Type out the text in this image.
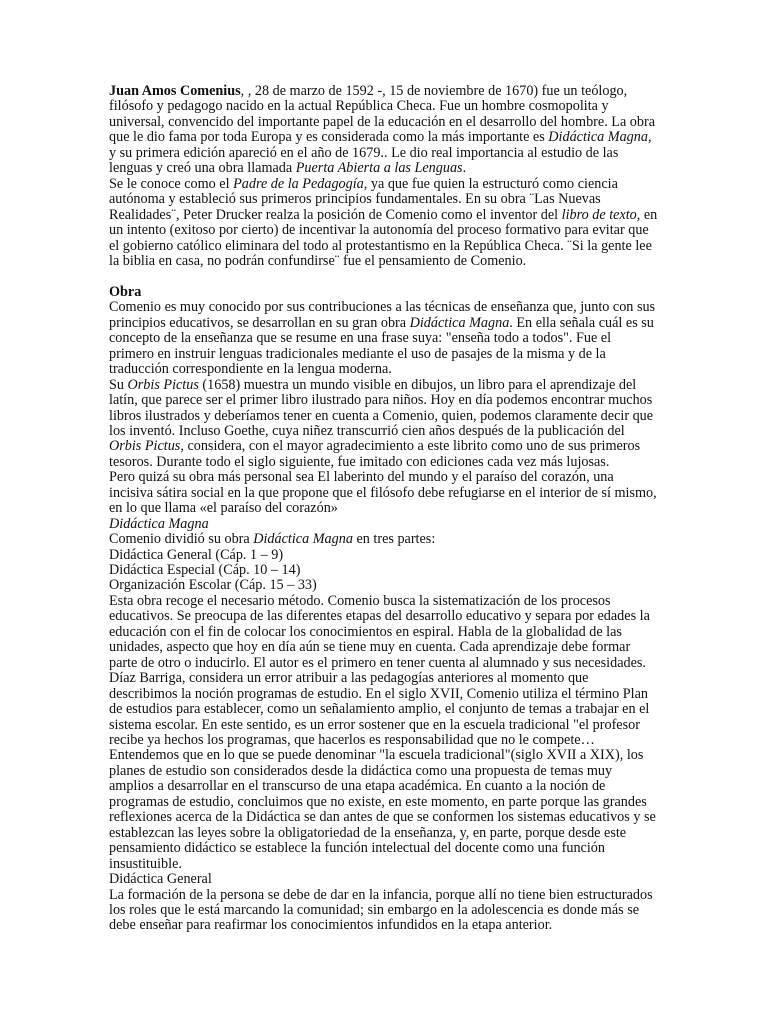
Juan Amos Comenius, , 28 de marzo de 1592 -, 15 de noviembre de 1670) fue un teólogo, filósofo y pedagogo nacido en la actual República Checa. Fue un hombre cosmopolita y universal, convencido del importante papel de la educación en el desarrollo del hombre. La obra que le dio fama por toda Europa y es considerada como la más importante es Didáctica Magna, y su primera edición apareció en el año de 1679.. Le dio real importancia al estudio de las lenguas y creó una obra llamada Puerta Abierta a las Lenguas.

Se le conoce como el Padre de la Pedagogía, ya que fue quien la estructuró como ciencia autónoma y estableció sus primeros principios fundamentales. En su obra ¨Las Nuevas Realidades¨, Peter Drucker realza la posición de Comenio como el inventor del libro de texto, en un intento (exitoso por cierto) de incentivar la autonomía del proceso formativo para evitar que el gobierno católico eliminara del todo al protestantismo en la República Checa. ¨Si la gente lee la biblia en casa, no podrán confundirse¨ fue el pensamiento de Comenio.

Obra

Comenio es muy conocido por sus contribuciones a las técnicas de enseñanza que, junto con sus principios educativos, se desarrollan en su gran obra Didáctica Magna. En ella señala cuál es su concepto de la enseñanza que se resume en una frase suya: "enseña todo a todos". Fue el primero en instruir lenguas tradicionales mediante el uso de pasajes de la misma y de la traducción correspondiente en la lengua moderna.

Su Orbis Pictus (1658) muestra un mundo visible en dibujos, un libro para el aprendizaje del latín, que parece ser el primer libro ilustrado para niños. Hoy en día podemos encontrar muchos libros ilustrados y deberíamos tener en cuenta a Comenio, quien, podemos claramente decir que los inventó. Incluso Goethe, cuya niñez transcurrió cien años después de la publicación del Orbis Pictus, considera, con el mayor agradecimiento a este librito como uno de sus primeros tesoros. Durante todo el siglo siguiente, fue imitado con ediciones cada vez más lujosas.

Pero quizá su obra más personal sea El laberinto del mundo y el paraíso del corazón, una incisiva sátira social en la que propone que el filósofo debe refugiarse en el interior de sí mismo, en lo que llama «el paraíso del corazón»

Didáctica Magna

Comenio dividió su obra Didáctica Magna en tres partes:

Didáctica General (Cáp. 1 – 9)

Didáctica Especial (Cáp. 10 – 14)

Organización Escolar (Cáp. 15 – 33)

Esta obra recoge el necesario método. Comenio busca la sistematización de los procesos educativos. Se preocupa de las diferentes etapas del desarrollo educativo y separa por edades la educación con el fin de colocar los conocimientos en espiral. Habla de la globalidad de las unidades, aspecto que hoy en día aún se tiene muy en cuenta. Cada aprendizaje debe formar parte de otro o inducirlo. El autor es el primero en tener cuenta al alumnado y sus necesidades.

Díaz Barriga, considera un error atribuir a las pedagogías anteriores al momento que describimos la noción programas de estudio. En el siglo XVII, Comenio utiliza el término Plan de estudios para establecer, como un señalamiento amplio, el conjunto de temas a trabajar en el sistema escolar. En este sentido, es un error sostener que en la escuela tradicional "el profesor recibe ya hechos los programas, que hacerlos es responsabilidad que no le compete…

Entendemos que en lo que se puede denominar "la escuela tradicional"(siglo XVII a XIX), los planes de estudio son considerados desde la didáctica como una propuesta de temas muy amplios a desarrollar en el transcurso de una etapa académica. En cuanto a la noción de programas de estudio, concluimos que no existe, en este momento, en parte porque las grandes reflexiones acerca de la Didáctica se dan antes de que se conformen los sistemas educativos y se establezcan las leyes sobre la obligatoriedad de la enseñanza, y, en parte, porque desde este pensamiento didáctico se establece la función intelectual del docente como una función insustituible.

Didáctica General

La formación de la persona se debe de dar en la infancia, porque allí no tiene bien estructurados los roles que le está marcando la comunidad; sin embargo en la adolescencia es donde más se debe enseñar para reafirmar los conocimientos infundidos en la etapa anterior.
